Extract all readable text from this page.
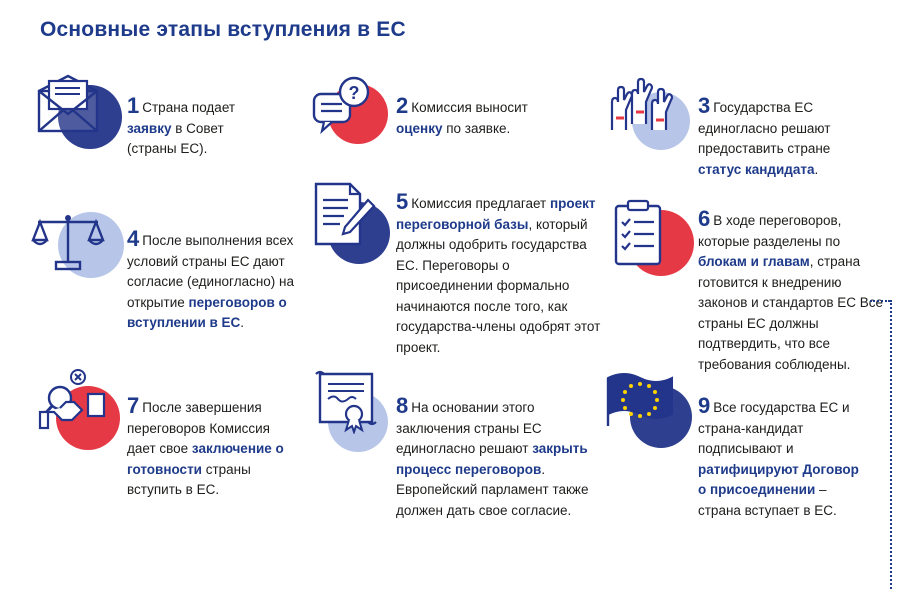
Основные этапы вступления в ЕС
1 Страна подает заявку в Совет (страны ЕС).
? 2 Комиссия выносит оценку по заявке.
3 Государства ЕС единогласно решают предоставить стране статус кандидата.
4 После выполнения всех условий страны ЕС дают согласие (единогласно) на открытие переговоров о вступлении в ЕС.
5 Комиссия предлагает проект переговорной базы, который должны одобрить государства ЕС. Переговоры о присоединении формально начинаются после того, как государства-члены одобрят этот проект.
6 В ходе переговоров, которые разделены по блокам и главам, страна готовится к внедрению законов и стандартов ЕС Все страны ЕС должны подтвердить, что все требования соблюдены.
7 После завершения переговоров Комиссия дает свое заключение о готовности страны вступить в ЕС.
8 На основании этого заключения страны ЕС единогласно решают закрыть процесс переговоров. Европейский парламент также должен дать свое согласие.
9 Все государства ЕС и страна-кандидат подписывают и ратифицируют Договор о присоединении – страна вступает в ЕС.
